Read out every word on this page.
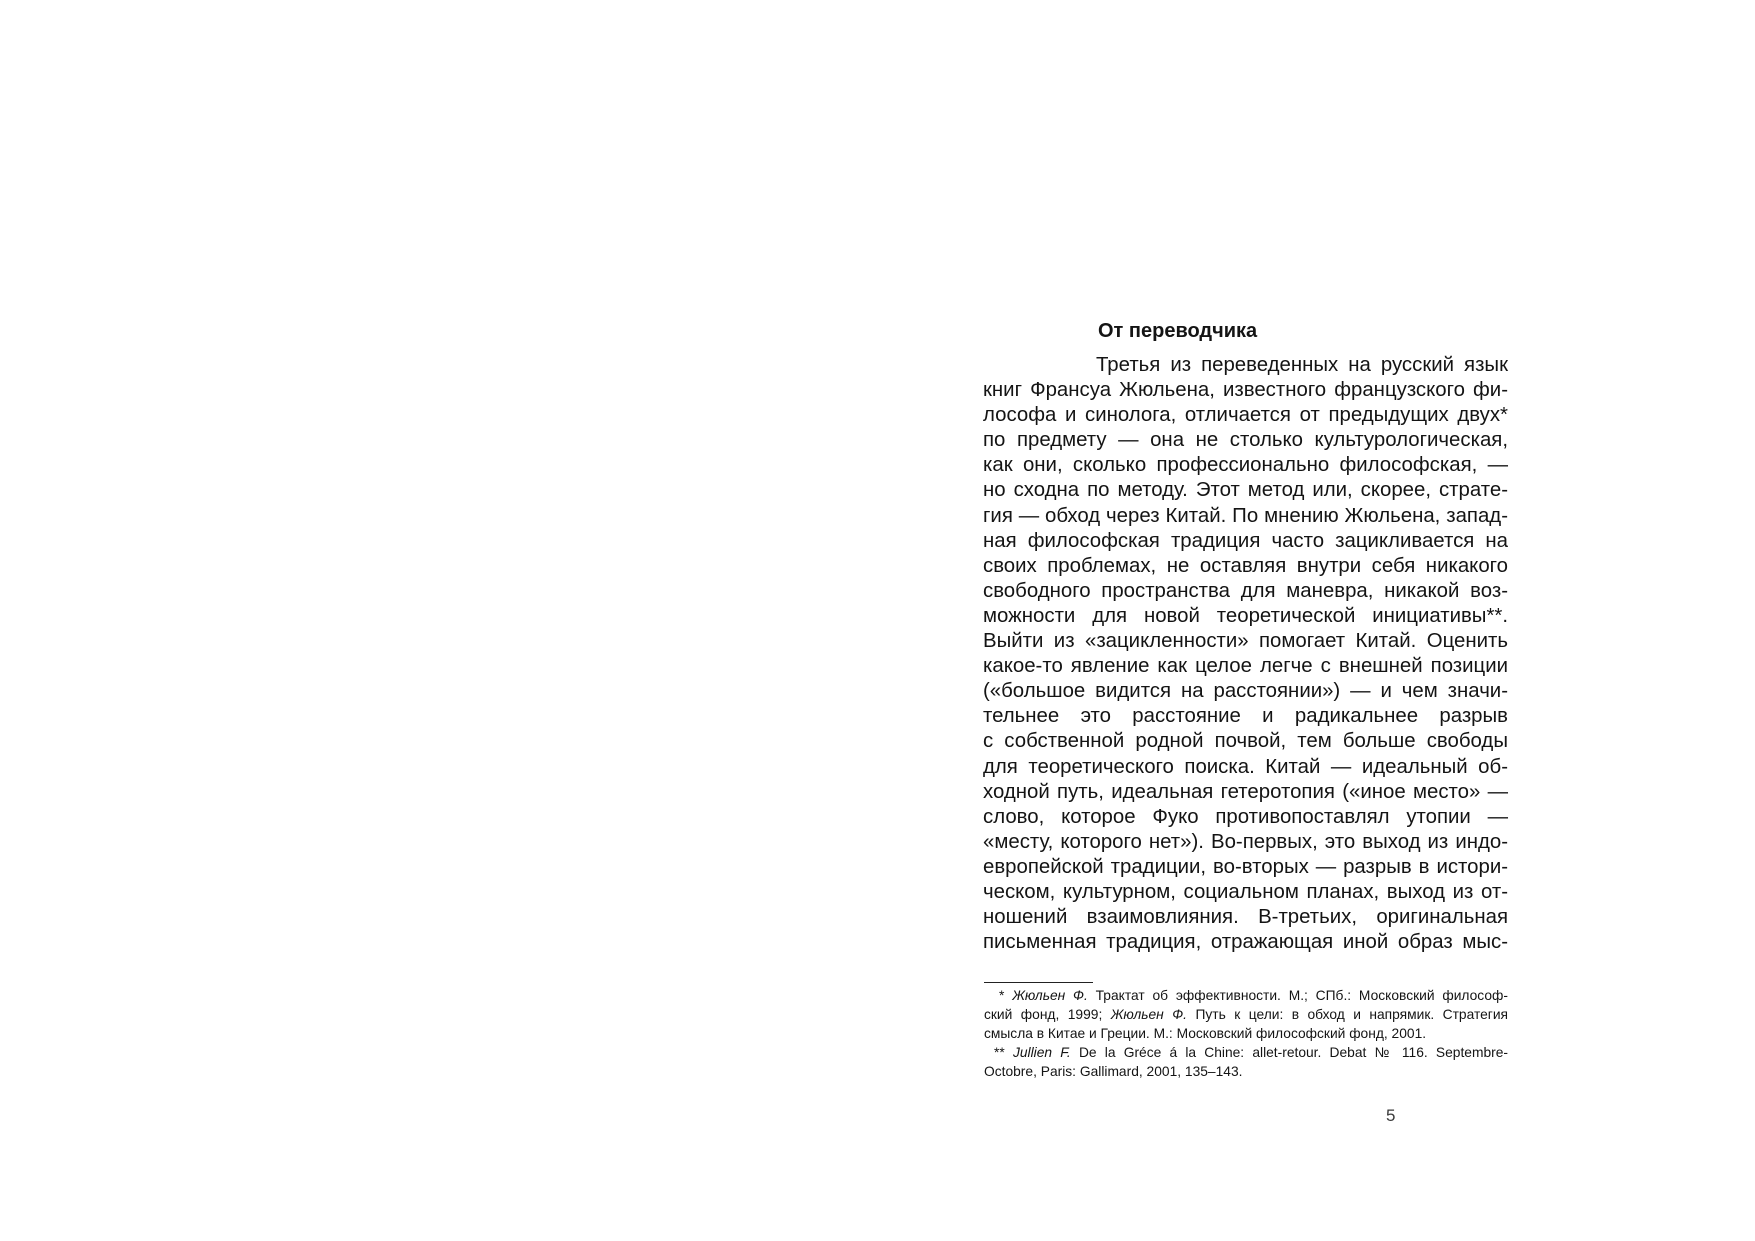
От переводчика
Третья из переведенных на русский язык
книг Франсуа Жюльена, известного французского фи-
лософа и синолога, отличается от предыдущих двух*
по предмету — она не столько культурологическая,
как они, сколько профессионально философская, —
но сходна по методу. Этот метод или, скорее, страте-
гия — обход через Китай. По мнению Жюльена, запад-
ная философская традиция часто зацикливается на
своих проблемах, не оставляя внутри себя никакого
свободного пространства для маневра, никакой воз-
можности для новой теоретической инициативы**.
Выйти из «зацикленности» помогает Китай. Оценить
какое-то явление как целое легче с внешней позиции
(«большое видится на расстоянии») — и чем значи-
тельнее это расстояние и радикальнее разрыв
с собственной родной почвой, тем больше свободы
для теоретического поиска. Китай — идеальный об-
ходной путь, идеальная гетеротопия («иное место» —
слово, которое Фуко противопоставлял утопии —
«месту, которого нет»). Во-первых, это выход из индо-
европейской традиции, во-вторых — разрыв в истори-
ческом, культурном, социальном планах, выход из от-
ношений взаимовлияния. В-третьих, оригинальная
письменная традиция, отражающая иной образ мыс-
* Жюльен Ф. Трактат об эффективности. М.; СПб.: Московский философ-
ский фонд, 1999; Жюльен Ф. Путь к цели: в обход и напрямик. Стратегия
смысла в Китае и Греции. М.: Московский философский фонд, 2001.
** Jullien F. De la Gréce á la Chine: allet-retour. Debat № 116. Septembre-
Octobre, Paris: Gallimard, 2001, 135–143.
5
